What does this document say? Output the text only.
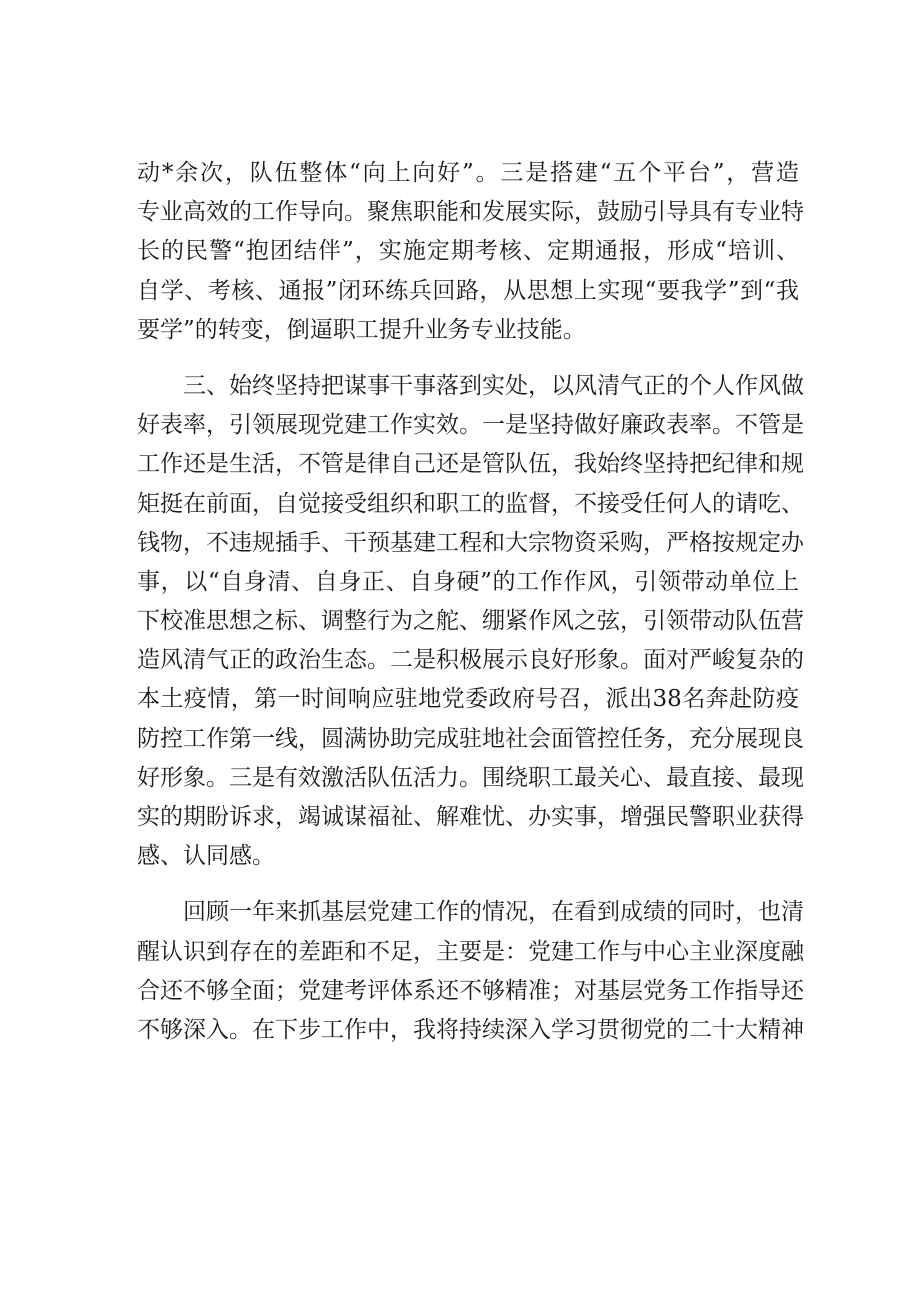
动*余次，队伍整体“向上向好”。三是搭建“五个平台”，营造
专业高效的工作导向。聚焦职能和发展实际，鼓励引导具有专业特
长的民警“抱团结伴”，实施定期考核、定期通报，形成“培训、
自学、考核、通报”闭环练兵回路，从思想上实现“要我学”到“我
要学”的转变，倒逼职工提升业务专业技能。
三、始终坚持把谋事干事落到实处，以风清气正的个人作风做
好表率，引领展现党建工作实效。一是坚持做好廉政表率。不管是
工作还是生活，不管是律自己还是管队伍，我始终坚持把纪律和规
矩挺在前面，自觉接受组织和职工的监督，不接受任何人的请吃、
钱物，不违规插手、干预基建工程和大宗物资采购，严格按规定办
事，以“自身清、自身正、自身硬”的工作作风，引领带动单位上
下校准思想之标、调整行为之舵、绷紧作风之弦，引领带动队伍营
造风清气正的政治生态。二是积极展示良好形象。面对严峻复杂的
本土疫情，第一时间响应驻地党委政府号召，派出38名奔赴防疫
防控工作第一线，圆满协助完成驻地社会面管控任务，充分展现良
好形象。三是有效激活队伍活力。围绕职工最关心、最直接、最现
实的期盼诉求，竭诚谋福祉、解难忧、办实事，增强民警职业获得
感、认同感。
回顾一年来抓基层党建工作的情况，在看到成绩的同时，也清
醒认识到存在的差距和不足，主要是：党建工作与中心主业深度融
合还不够全面；党建考评体系还不够精准；对基层党务工作指导还
不够深入。在下步工作中，我将持续深入学习贯彻党的二十大精神
